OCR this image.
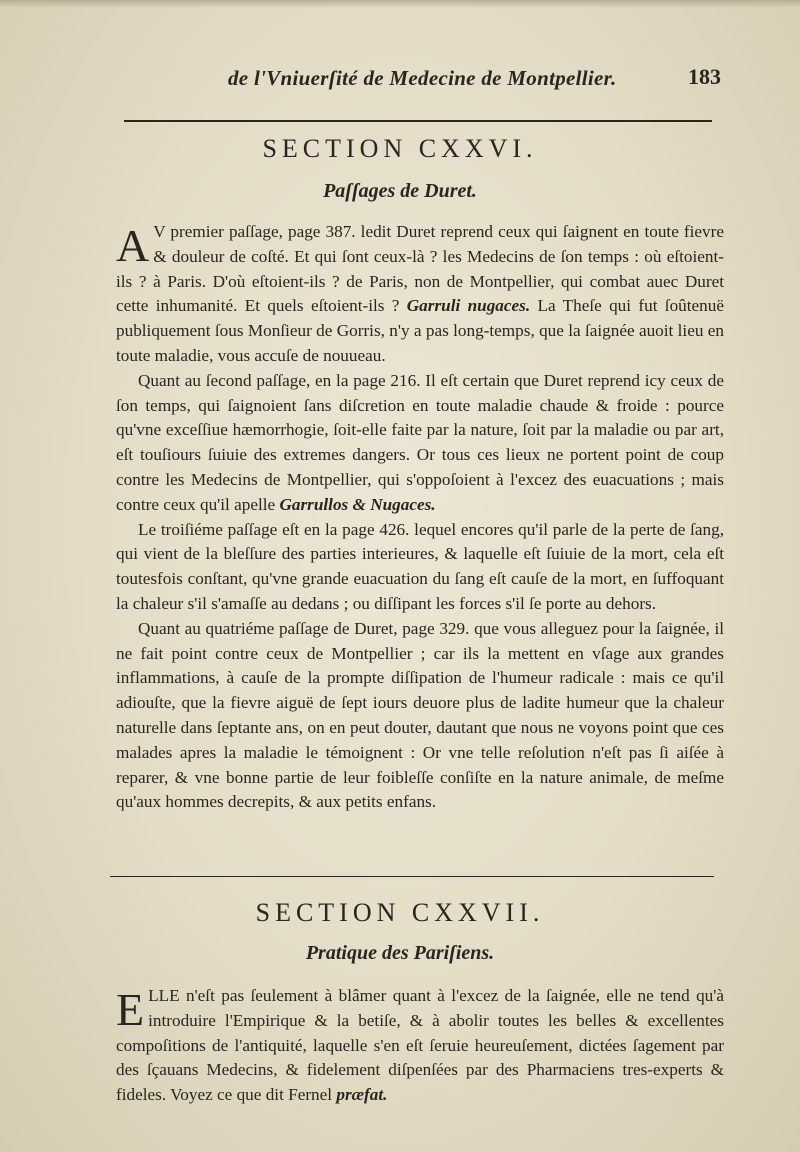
de l'Vniuerſité de Medecine de Montpellier.	183
SECTION CXXVI.
Paſſages de Duret.

A V premier paſſage, page 387. ledit Duret reprend ceux qui ſaignent en toute fievre & douleur de coſté. Et qui ſont ceux-là ? les Medecins de ſon temps : où eſtoient-ils ? à Paris. D'où eſtoient-ils ? de Paris, non de Montpellier, qui combat auec Duret cette inhumanité. Et quels eſtoient-ils ? Garruli nugaces. La Theſe qui fut ſoûtenuë publiquement ſous Monſieur de Gorris, n'y a pas long-temps, que la ſaignée auoit lieu en toute maladie, vous accuſe de nouueau.

Quant au ſecond paſſage, en la page 216. Il eſt certain que Duret reprend icy ceux de ſon temps, qui ſaignoient ſans diſcretion en toute maladie chaude & froide : pource qu'vne exceſſiue hæmorrhogie, ſoit-elle faite par la nature, ſoit par la maladie ou par art, eſt touſiours ſuiuie des extremes dangers. Or tous ces lieux ne portent point de coup contre les Medecins de Montpellier, qui s'oppoſoient à l'excez des euacuations ; mais contre ceux qu'il apelle Garrullos & Nugaces.

Le troiſiéme paſſage eſt en la page 426. lequel encores qu'il parle de la perte de ſang, qui vient de la bleſſure des parties interieures, & laquelle eſt ſuiuie de la mort, cela eſt toutesfois conſtant, qu'vne grande euacuation du ſang eſt cauſe de la mort, en ſuffoquant la chaleur s'il s'amaſſe au dedans ; ou diſſipant les forces s'il ſe porte au dehors.

Quant au quatriéme paſſage de Duret, page 329. que vous alleguez pour la ſaignée, il ne fait point contre ceux de Montpellier ; car ils la mettent en vſage aux grandes inflammations, à cauſe de la prompte diſſipation de l'humeur radicale : mais ce qu'il adiouſte, que la fievre aiguë de ſept iours deuore plus de ladite humeur que la chaleur naturelle dans ſeptante ans, on en peut douter, dautant que nous ne voyons point que ces malades apres la maladie le témoignent : Or vne telle reſolution n'eſt pas ſi aiſée à reparer, & vne bonne partie de leur foibleſſe conſiſte en la nature animale, de meſme qu'aux hommes decrepits, & aux petits enfans.

SECTION CXXVII.
Pratique des Pariſiens.

ELLE n'eſt pas ſeulement à blâmer quant à l'excez de la ſaignée, elle ne tend qu'à introduire l'Empirique & la betiſe, & à abolir toutes les belles & excellentes compoſitions de l'antiquité, laquelle s'en eſt ſeruie heureuſement, dictées ſagement par des ſçauans Medecins, & fidelement diſpenſées par des Pharmaciens tres-experts & fideles. Voyez ce que dit Fernel præfat.
